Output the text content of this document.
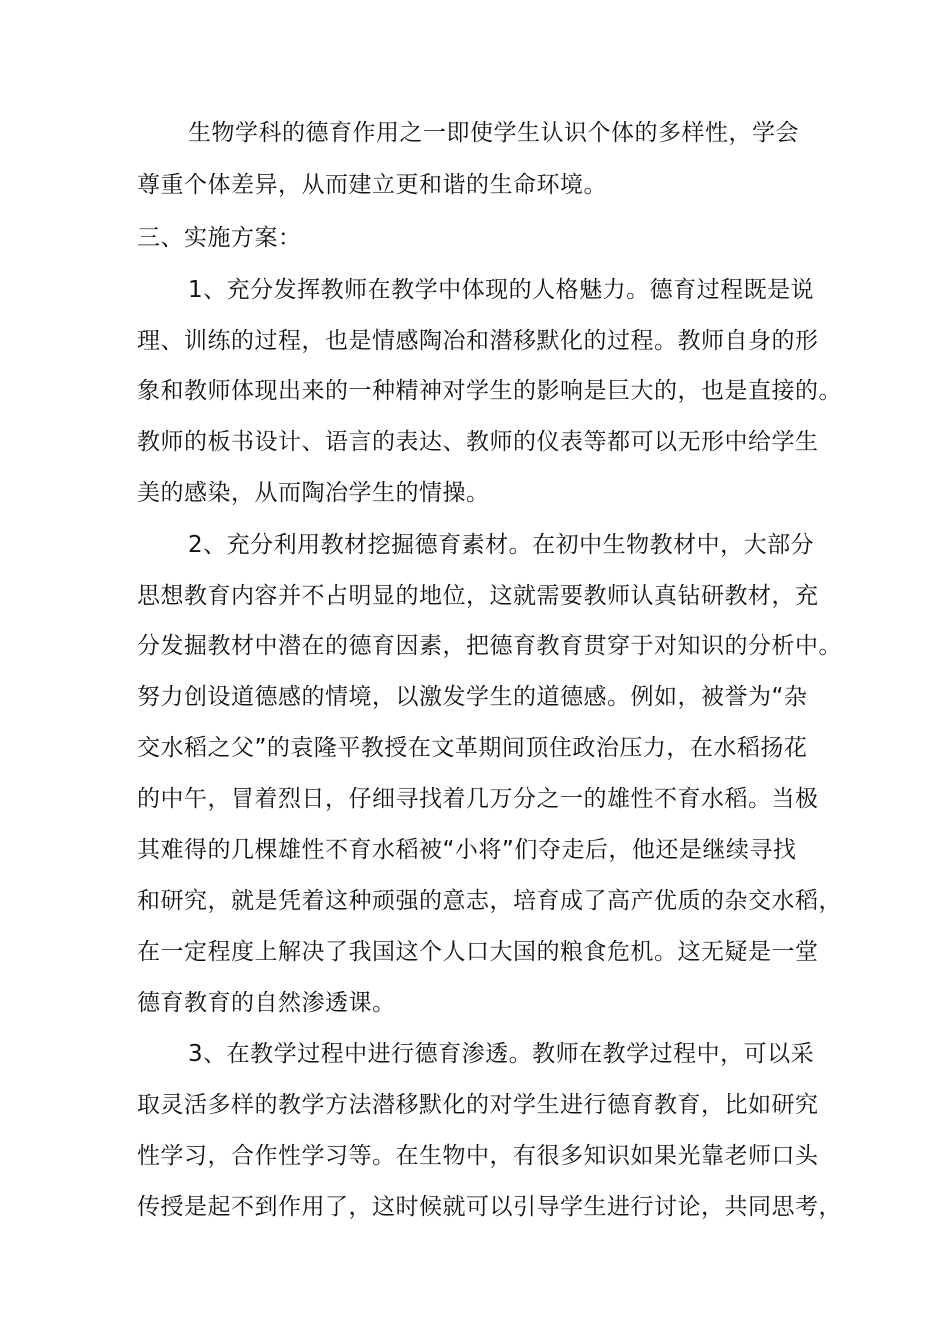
生物学科的德育作用之一即使学生认识个体的多样性，学会
尊重个体差异，从而建立更和谐的生命环境。
三、实施方案：
1、充分发挥教师在教学中体现的人格魅力。德育过程既是说
理、训练的过程，也是情感陶冶和潜移默化的过程。教师自身的形
象和教师体现出来的一种精神对学生的影响是巨大的，也是直接的。
教师的板书设计、语言的表达、教师的仪表等都可以无形中给学生
美的感染，从而陶冶学生的情操。
2、充分利用教材挖掘德育素材。在初中生物教材中，大部分
思想教育内容并不占明显的地位，这就需要教师认真钻研教材，充
分发掘教材中潜在的德育因素，把德育教育贯穿于对知识的分析中。
努力创设道德感的情境，以激发学生的道德感。例如，被誉为“杂
交水稻之父”的袁隆平教授在文革期间顶住政治压力，在水稻扬花
的中午，冒着烈日，仔细寻找着几万分之一的雄性不育水稻。当极
其难得的几棵雄性不育水稻被“小将”们夺走后，他还是继续寻找
和研究，就是凭着这种顽强的意志，培育成了高产优质的杂交水稻，
在一定程度上解决了我国这个人口大国的粮食危机。这无疑是一堂
德育教育的自然渗透课。
3、在教学过程中进行德育渗透。教师在教学过程中，可以采
取灵活多样的教学方法潜移默化的对学生进行德育教育，比如研究
性学习，合作性学习等。在生物中，有很多知识如果光靠老师口头
传授是起不到作用了，这时候就可以引导学生进行讨论，共同思考，
